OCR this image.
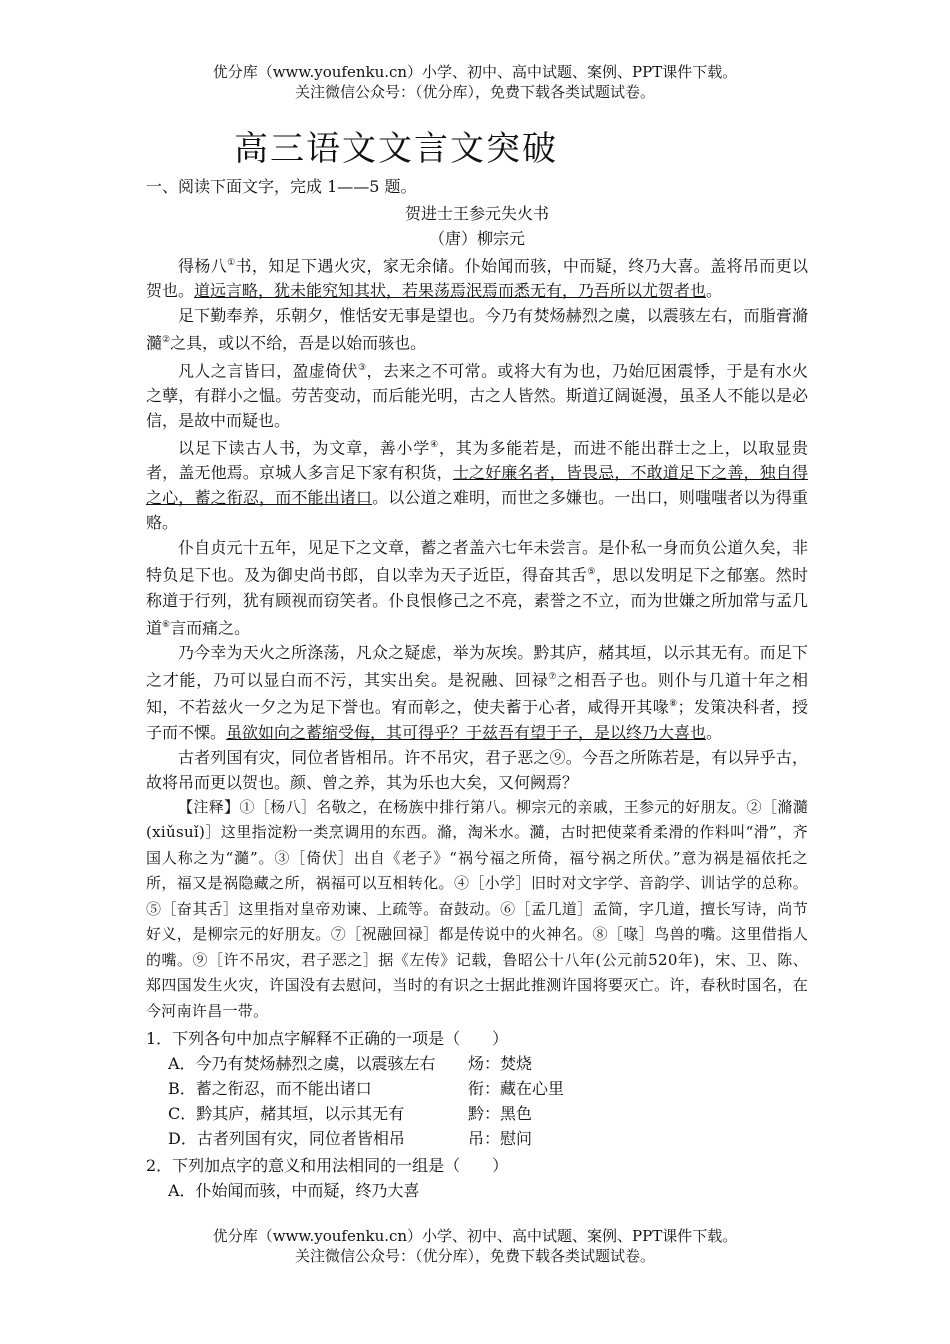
优分库（www.youfenku.cn）小学、初中、高中试题、案例、PPT课件下载。
关注微信公众号：（优分库），免费下载各类试题试卷。
高三语文文言文突破

一、阅读下面文字，完成 1——5 题。

贺进士王参元失火书

（唐）柳宗元

得杨八①书，知足下遇火灾，家无余储。仆始闻而骇，中而疑，终乃大喜。盖将吊而更以贺也。道远言略，犹未能究知其状，若果荡焉泯焉而悉无有，乃吾所以尤贺者也。

足下勤奉养，乐朝夕，惟恬安无事是望也。今乃有焚炀赫烈之虞，以震骇左右，而脂膏滫瀡②之具，或以不给，吾是以始而骇也。

凡人之言皆曰，盈虚倚伏③，去来之不可常。或将大有为也，乃始厄困震悸，于是有水火之孽，有群小之愠。劳苦变动，而后能光明，古之人皆然。斯道辽阔诞漫，虽圣人不能以是必信，是故中而疑也。

以足下读古人书，为文章，善小学④，其为多能若是，而进不能出群士之上，以取显贵者，盖无他焉。京城人多言足下家有积货，士之好廉名者，皆畏忌，不敢道足下之善，独自得之心，蓄之衔忍，而不能出诸口。以公道之难明，而世之多嫌也。一出口，则嗤嗤者以为得重赂。

仆自贞元十五年，见足下之文章，蓄之者盖六七年未尝言。是仆私一身而负公道久矣，非特负足下也。及为御史尚书郎，自以幸为天子近臣，得奋其舌⑤，思以发明足下之郁塞。然时称道于行列，犹有顾视而窃笑者。仆良恨修己之不亮，素誉之不立，而为世嫌之所加常与孟几道⑥言而痛之。

乃今幸为天火之所涤荡，凡众之疑虑，举为灰埃。黔其庐，赭其垣，以示其无有。而足下之才能，乃可以显白而不污，其实出矣。是祝融、回禄⑦之相吾子也。则仆与几道十年之相知，不若兹火一夕之为足下誉也。宥而彰之，使夫蓄于心者，咸得开其喙⑧；发策决科者，授子而不慄。虽欲如向之蓄缩受侮，其可得乎？于兹吾有望于子，是以终乃大喜也。

古者列国有灾，同位者皆相吊。许不吊灾，君子恶之⑨。今吾之所陈若是，有以异乎古，故将吊而更以贺也。颜、曾之养，其为乐也大矣，又何阙焉？

【注释】①［杨八］名敬之，在杨族中排行第八。柳宗元的亲戚，王参元的好朋友。②［滫瀡(xiǔsuǐ)］这里指淀粉一类烹调用的东西。滫，淘米水。瀡，古时把使菜肴柔滑的作料叫“滑”，齐国人称之为“瀡”。③［倚伏］出自《老子》“祸兮福之所倚，福兮祸之所伏。”意为祸是福依托之所，福又是祸隐藏之所，祸福可以互相转化。④［小学］旧时对文字学、音韵学、训诂学的总称。⑤［奋其舌］这里指对皇帝劝谏、上疏等。奋鼓动。⑥［孟几道］孟简，字几道，擅长写诗，尚节好义，是柳宗元的好朋友。⑦［祝融回禄］都是传说中的火神名。⑧［喙］鸟兽的嘴。这里借指人的嘴。⑨［许不吊灾，君子恶之］据《左传》记载，鲁昭公十八年(公元前520年)，宋、卫、陈、郑四国发生火灾，许国没有去慰问，当时的有识之士据此推测许国将要灭亡。许，春秋时国名，在今河南许昌一带。

1．下列各句中加点字解释不正确的一项是（　　）

A．今乃有焚炀赫烈之虞，以震骇左右 炀：焚烧

B．蓄之衔忍，而不能出诸口	衔：藏在心里

C．黔其庐，赭其垣，以示其无有	黔：黑色

D．古者列国有灾，同位者皆相吊	吊：慰问

2．下列加点字的意义和用法相同的一组是（　　）

A．仆始闻而骇，中而疑，终乃大喜

优分库（www.youfenku.cn）小学、初中、高中试题、案例、PPT课件下载。
关注微信公众号：（优分库），免费下载各类试题试卷。
